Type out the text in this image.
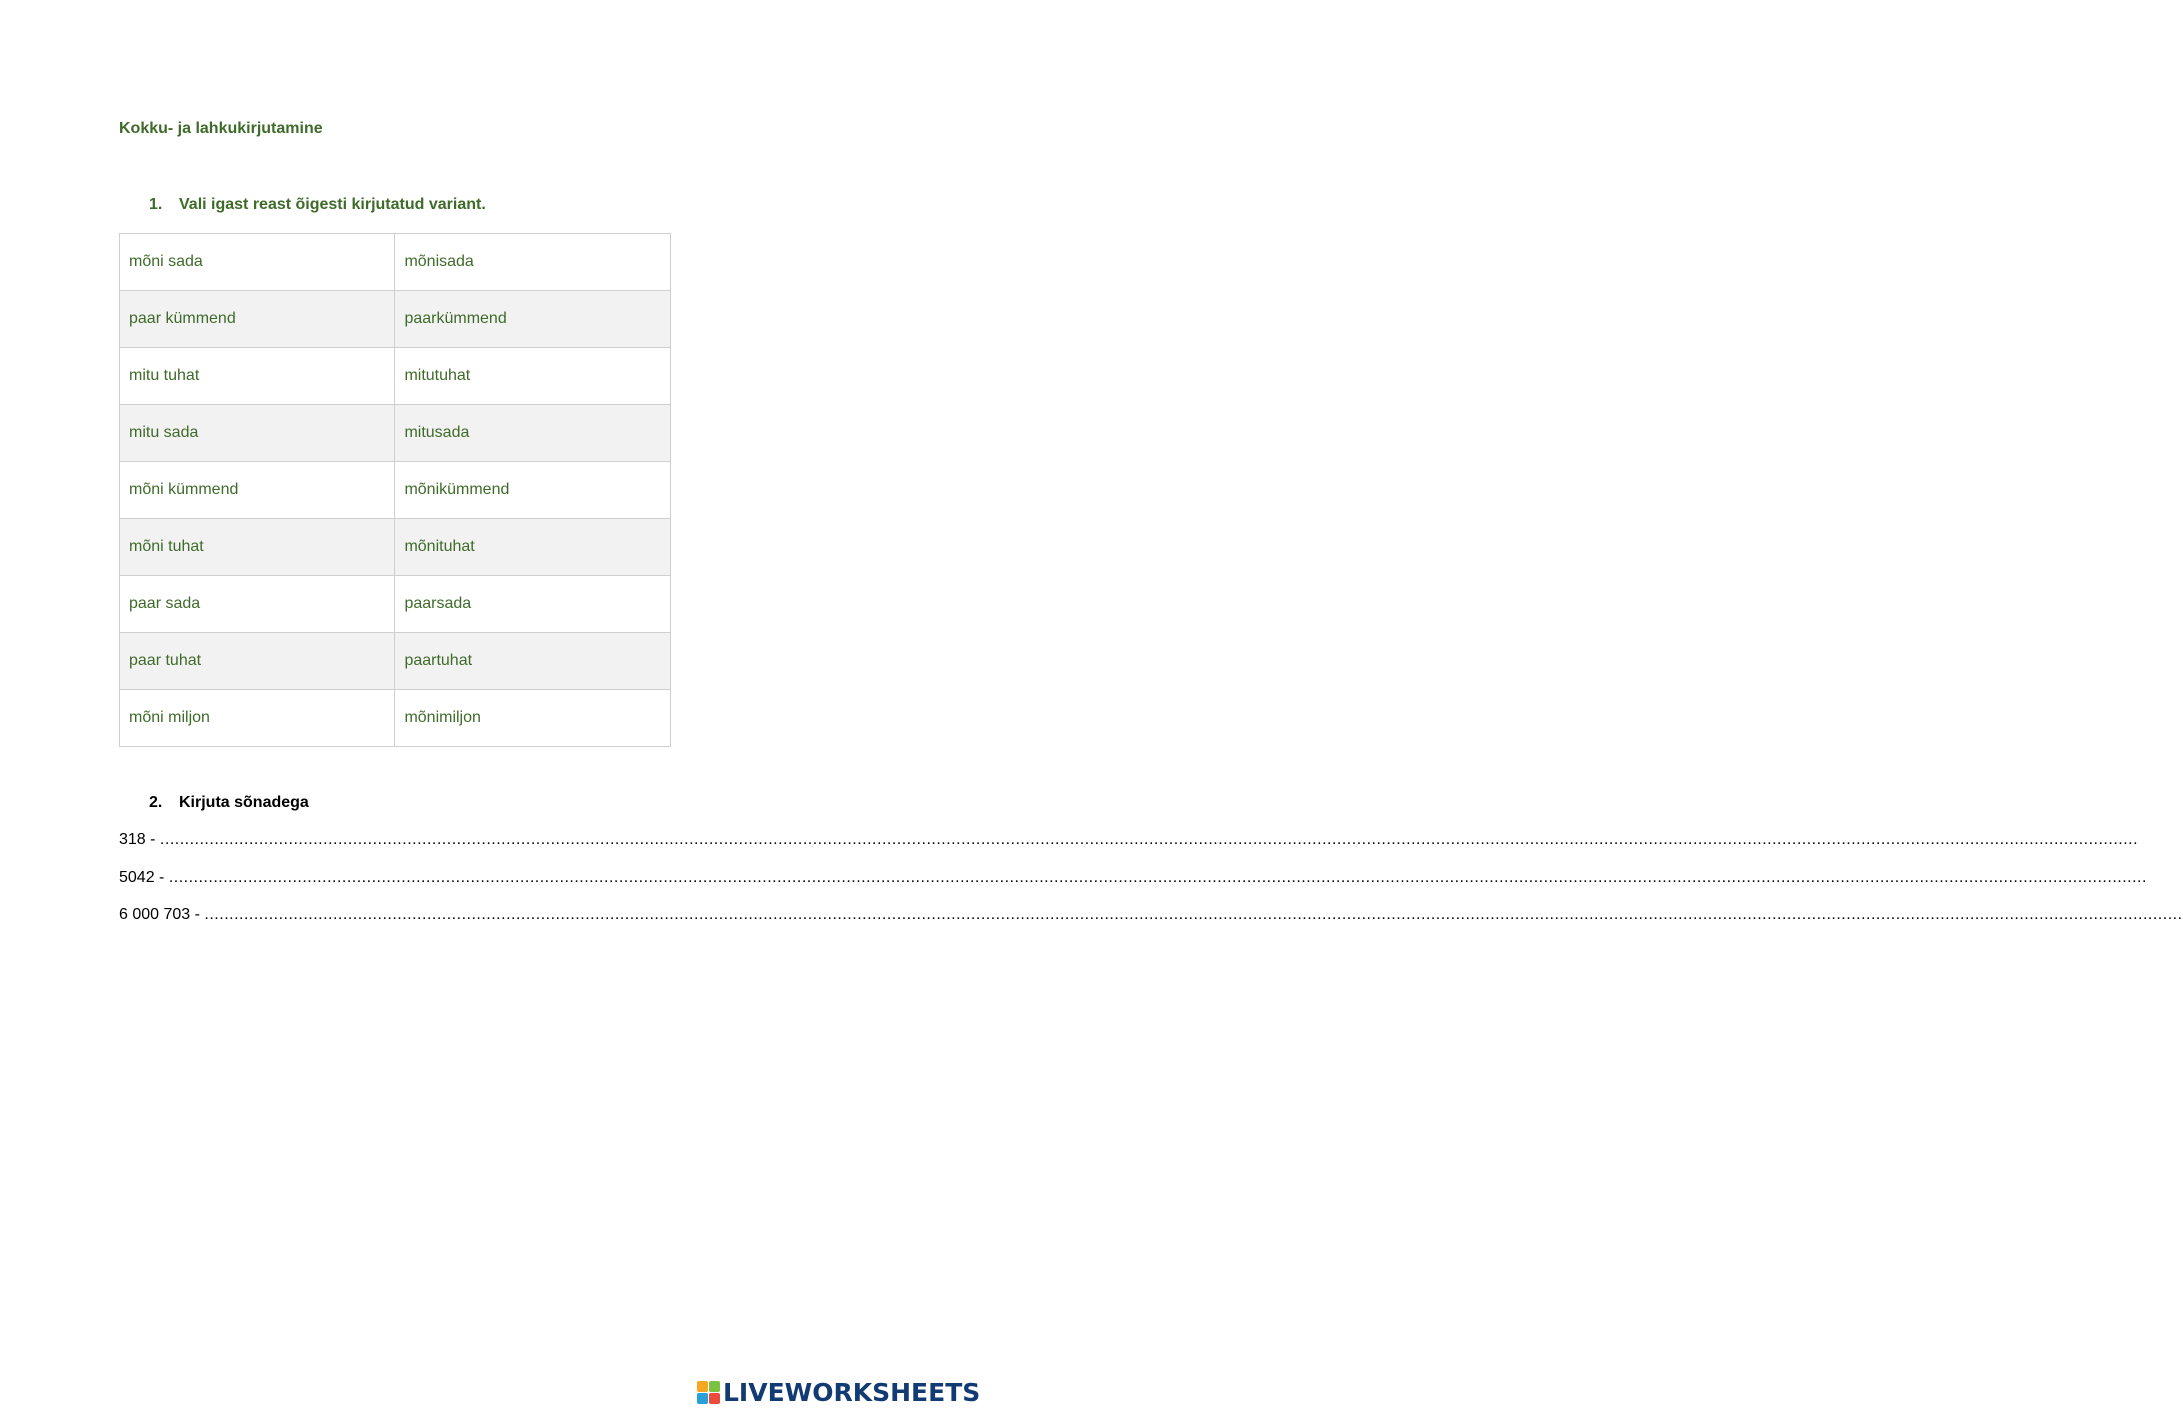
Kokku- ja lahkukirjutamine
1. Vali igast reast õigesti kirjutatud variant.
mõni sada	mõnisada
paar kümmend	paarkümmend
mitu tuhat	mitutuhat
mitu sada	mitusada
mõni kümmend	mõnikümmend
mõni tuhat	mõnituhat
paar sada	paarsada
paar tuhat	paartuhat
mõni miljon	mõnimiljon
2. Kirjuta sõnadega
318 - ................................................................................................................................................................................................................................................................................................................................................................................................................
5042 - ................................................................................................................................................................................................................................................................................................................................................................................................................
6 000 703 - ................................................................................................................................................................................................................................................................................................................................................................................................................
LIVEWORKSHEETS
